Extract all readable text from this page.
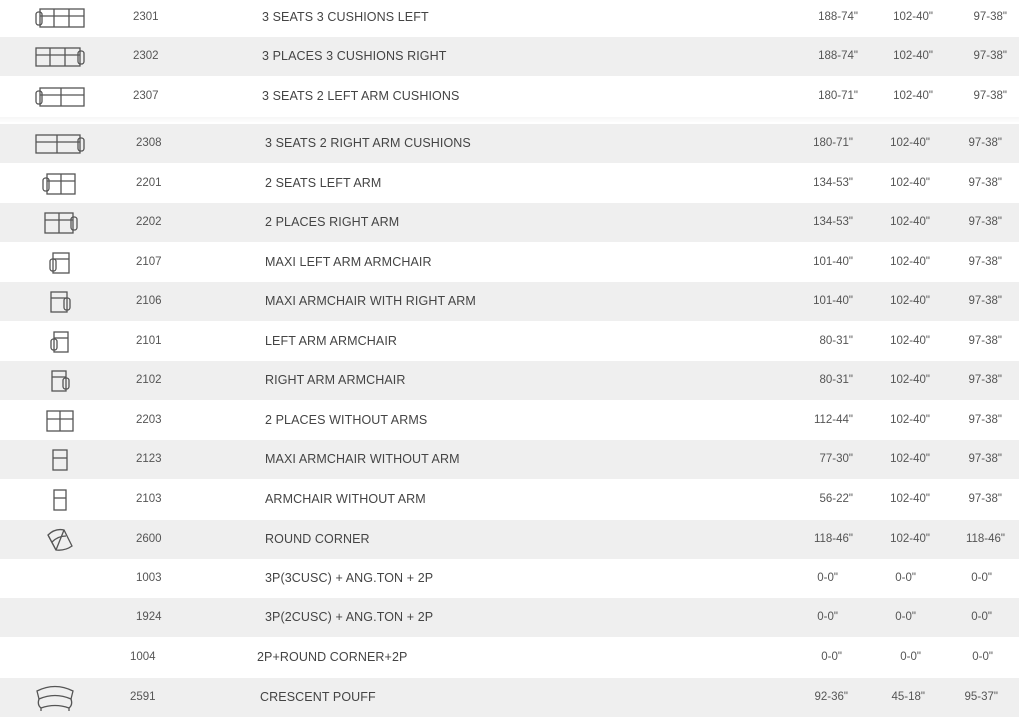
2301	3 SEATS 3 CUSHIONS LEFT	188-74"	102-40"	97-38"
2302	3 PLACES 3 CUSHIONS RIGHT	188-74"	102-40"	97-38"
2307	3 SEATS 2 LEFT ARM CUSHIONS	180-71"	102-40"	97-38"
2308	3 SEATS 2 RIGHT ARM CUSHIONS	180-71"	102-40"	97-38"
2201	2 SEATS LEFT ARM	134-53"	102-40"	97-38"
2202	2 PLACES RIGHT ARM	134-53"	102-40"	97-38"
2107	MAXI LEFT ARM ARMCHAIR	101-40"	102-40"	97-38"
2106	MAXI ARMCHAIR WITH RIGHT ARM	101-40"	102-40"	97-38"
2101	LEFT ARM ARMCHAIR	80-31"	102-40"	97-38"
2102	RIGHT ARM ARMCHAIR	80-31"	102-40"	97-38"
2203	2 PLACES WITHOUT ARMS	112-44"	102-40"	97-38"
2123	MAXI ARMCHAIR WITHOUT ARM	77-30"	102-40"	97-38"
2103	ARMCHAIR WITHOUT ARM	56-22"	102-40"	97-38"
2600	ROUND CORNER	118-46"	102-40"	118-46"
1003	3P(3CUSC) + ANG.TON + 2P	0-0"	0-0"	0-0"
1924	3P(2CUSC) + ANG.TON + 2P	0-0"	0-0"	0-0"
1004	2P+ROUND CORNER+2P	0-0"	0-0"	0-0"
2591	CRESCENT POUFF	92-36"	45-18"	95-37"
